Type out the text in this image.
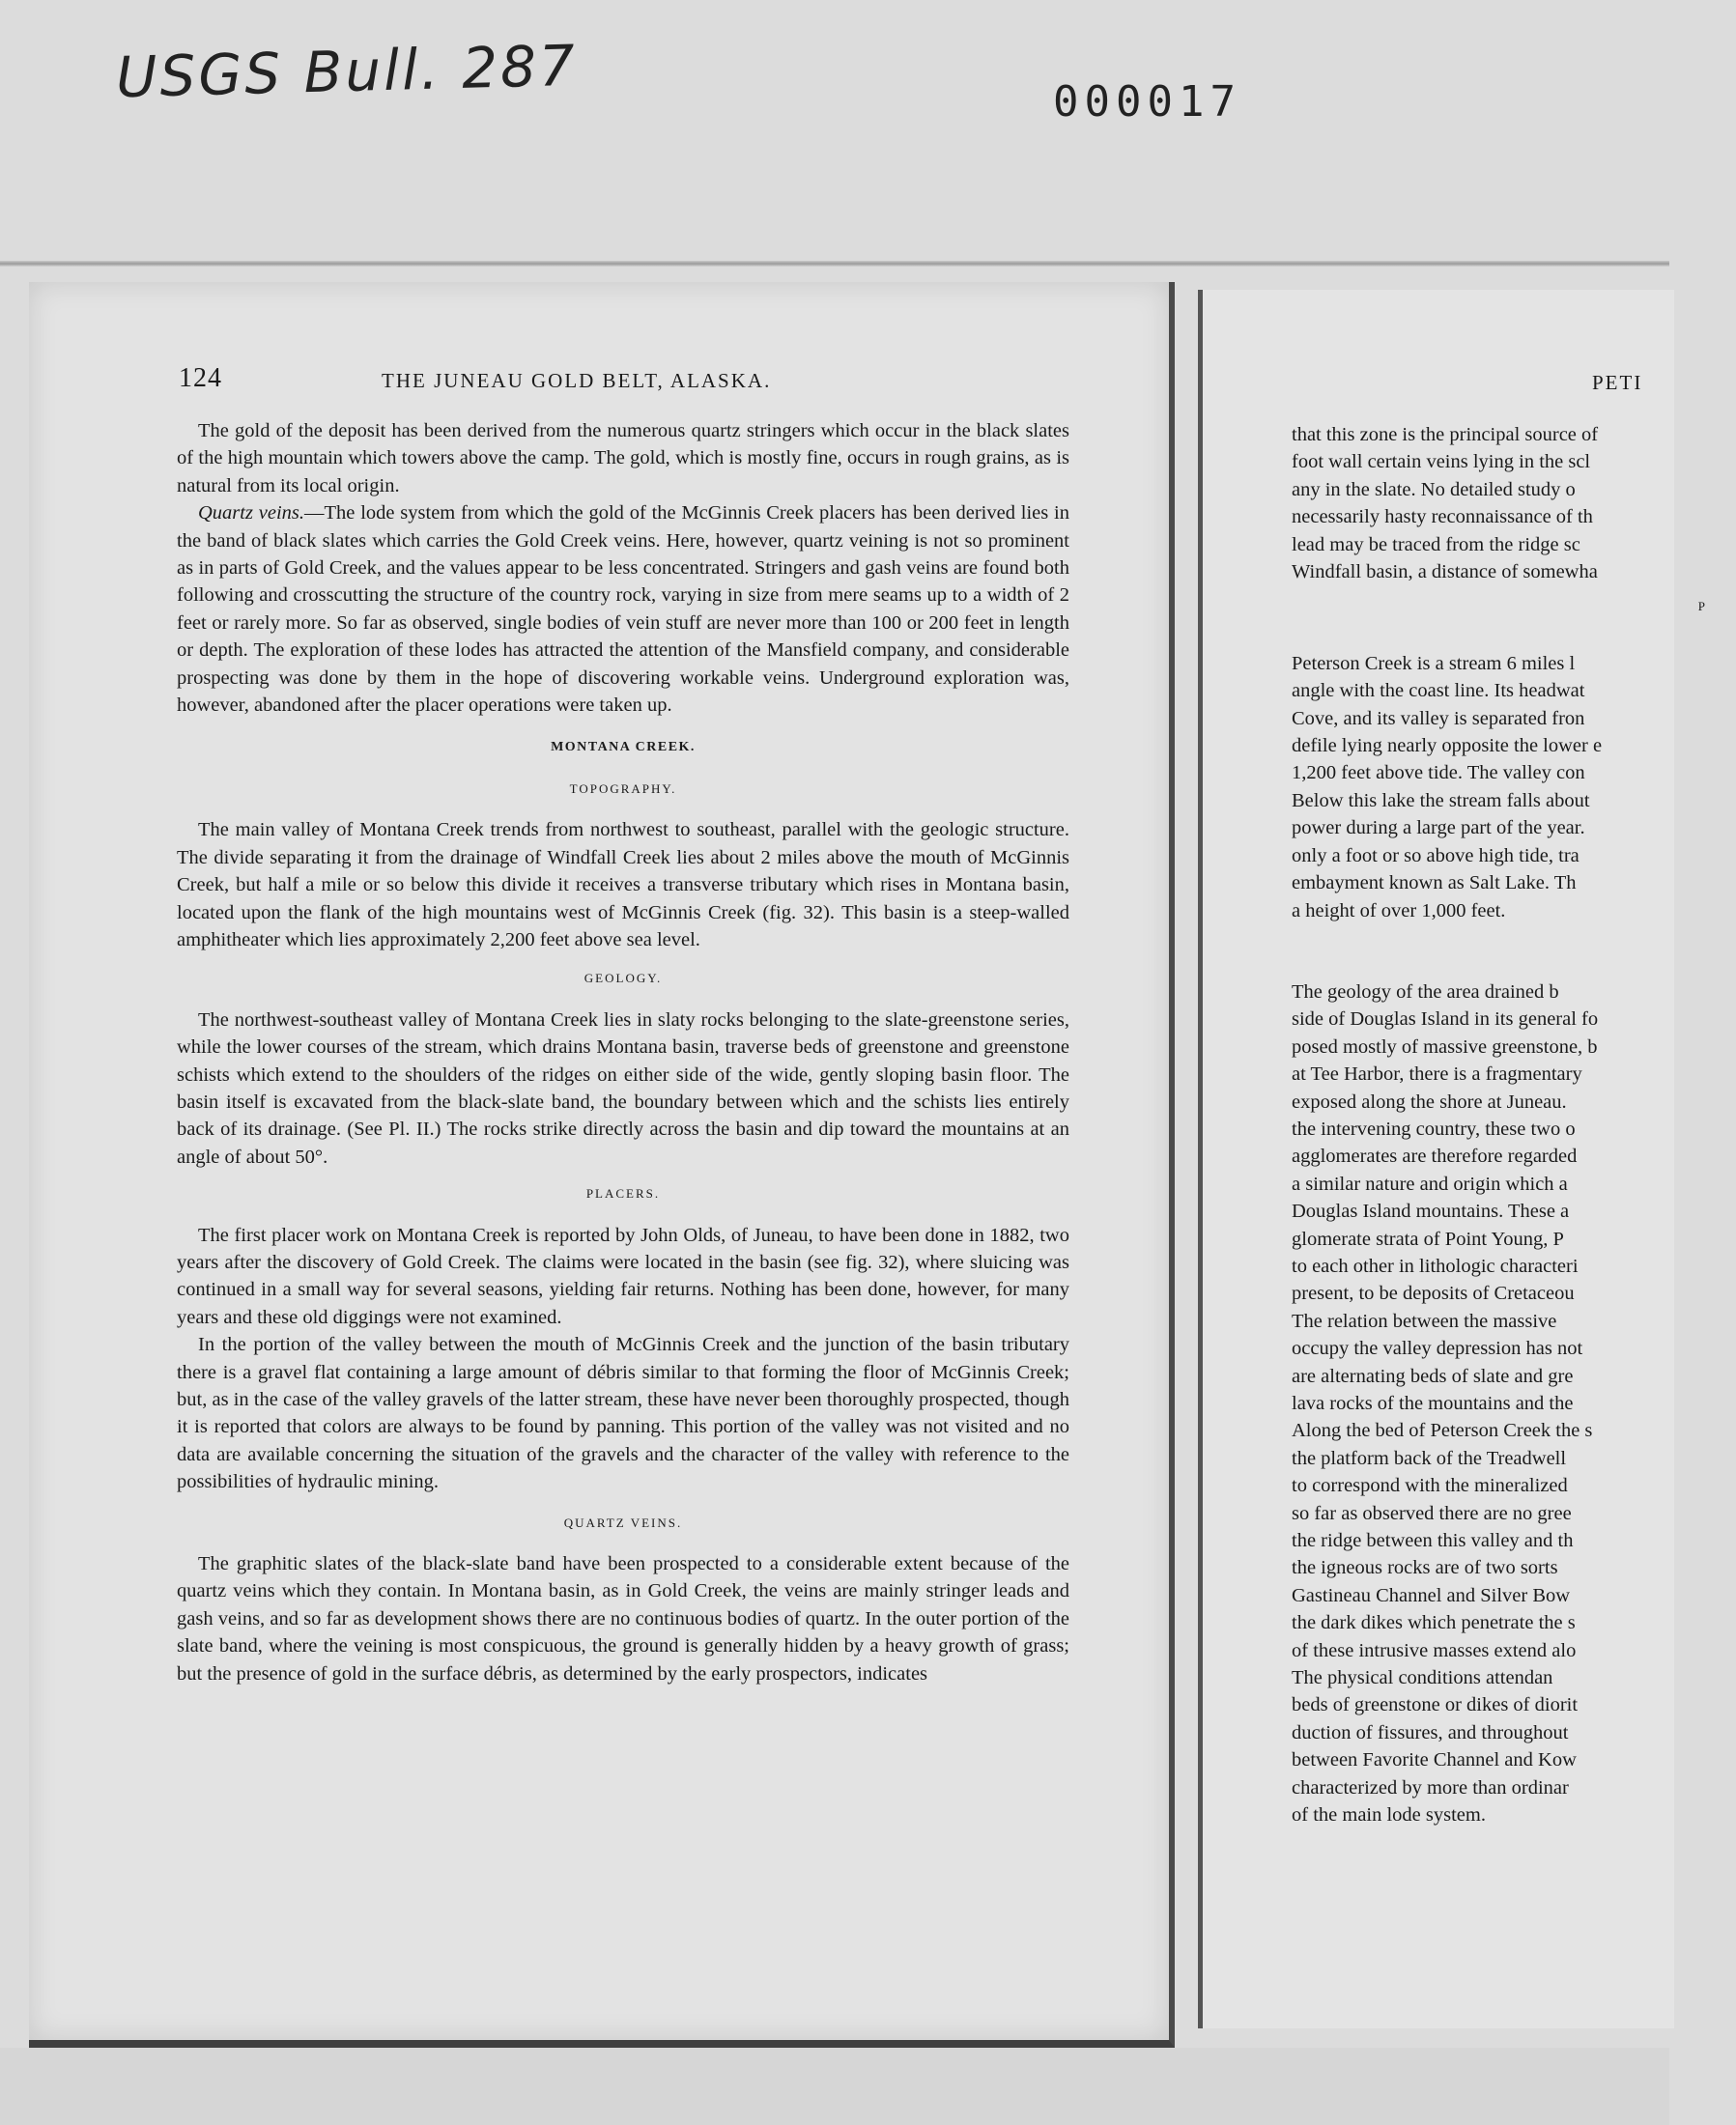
USGS Bull. 287	000017
124	THE JUNEAU GOLD BELT, ALASKA.

The gold of the deposit has been derived from the numerous quartz stringers which occur in the black slates of the high mountain which towers above the camp. The gold, which is mostly fine, occurs in rough grains, as is natural from its local origin.

Quartz veins.—The lode system from which the gold of the McGinnis Creek placers has been derived lies in the band of black slates which carries the Gold Creek veins. Here, however, quartz veining is not so prominent as in parts of Gold Creek, and the values appear to be less concentrated. Stringers and gash veins are found both following and crosscutting the structure of the country rock, varying in size from mere seams up to a width of 2 feet or rarely more. So far as observed, single bodies of vein stuff are never more than 100 or 200 feet in length or depth. The exploration of these lodes has attracted the attention of the Mansfield company, and considerable prospecting was done by them in the hope of discovering workable veins. Underground exploration was, however, abandoned after the placer operations were taken up.

MONTANA CREEK.
TOPOGRAPHY.

The main valley of Montana Creek trends from northwest to southeast, parallel with the geologic structure. The divide separating it from the drainage of Windfall Creek lies about 2 miles above the mouth of McGinnis Creek, but half a mile or so below this divide it receives a transverse tributary which rises in Montana basin, located upon the flank of the high mountains west of McGinnis Creek (fig. 32). This basin is a steep-walled amphitheater which lies approximately 2,200 feet above sea level.

GEOLOGY.

The northwest-southeast valley of Montana Creek lies in slaty rocks belonging to the slate-greenstone series, while the lower courses of the stream, which drains Montana basin, traverse beds of greenstone and greenstone schists which extend to the shoulders of the ridges on either side of the wide, gently sloping basin floor. The basin itself is excavated from the black-slate band, the boundary between which and the schists lies entirely back of its drainage. (See Pl. II.) The rocks strike directly across the basin and dip toward the mountains at an angle of about 50°.

PLACERS.

The first placer work on Montana Creek is reported by John Olds, of Juneau, to have been done in 1882, two years after the discovery of Gold Creek. The claims were located in the basin (see fig. 32), where sluicing was continued in a small way for several seasons, yielding fair returns. Nothing has been done, however, for many years and these old diggings were not examined.

In the portion of the valley between the mouth of McGinnis Creek and the junction of the basin tributary there is a gravel flat containing a large amount of débris similar to that forming the floor of McGinnis Creek; but, as in the case of the valley gravels of the latter stream, these have never been thoroughly prospected, though it is reported that colors are always to be found by panning. This portion of the valley was not visited and no data are available concerning the situation of the gravels and the character of the valley with reference to the possibilities of hydraulic mining.

QUARTZ VEINS.

The graphitic slates of the black-slate band have been prospected to a considerable extent because of the quartz veins which they contain. In Montana basin, as in Gold Creek, the veins are mainly stringer leads and gash veins, and so far as development shows there are no continuous bodies of quartz. In the outer portion of the slate band, where the veining is most conspicuous, the ground is generally hidden by a heavy growth of grass; but the presence of gold in the surface débris, as determined by the early prospectors, indicates

PETI
that this zone is the principal source of
foot wall certain veins lying in the scl
any in the slate. No detailed study o
necessarily hasty reconnaissance of th
lead may be traced from the ridge sc
Windfall basin, a distance of somewha
P
Peterson Creek is a stream 6 miles l
angle with the coast line. Its headwat
Cove, and its valley is separated fron
defile lying nearly opposite the lower e
1,200 feet above tide. The valley con
Below this lake the stream falls about
power during a large part of the year.
only a foot or so above high tide, tra
embayment known as Salt Lake. Th
a height of over 1,000 feet.
The geology of the area drained b
side of Douglas Island in its general fo
posed mostly of massive greenstone, b
at Tee Harbor, there is a fragmentary
exposed along the shore at Juneau.
the intervening country, these two o
agglomerates are therefore regarded
a similar nature and origin which a
Douglas Island mountains. These a
glomerate strata of Point Young, P
to each other in lithologic characteri
present, to be deposits of Cretaceou
The relation between the massive
occupy the valley depression has not
are alternating beds of slate and gre
lava rocks of the mountains and the
Along the bed of Peterson Creek the s
the platform back of the Treadwell
to correspond with the mineralized
so far as observed there are no gree
the ridge between this valley and th
the igneous rocks are of two sorts
Gastineau Channel and Silver Bow
the dark dikes which penetrate the s
of these intrusive masses extend alo
The physical conditions attendan
beds of greenstone or dikes of diorit
duction of fissures, and throughout
between Favorite Channel and Kow
characterized by more than ordinar
of the main lode system.
